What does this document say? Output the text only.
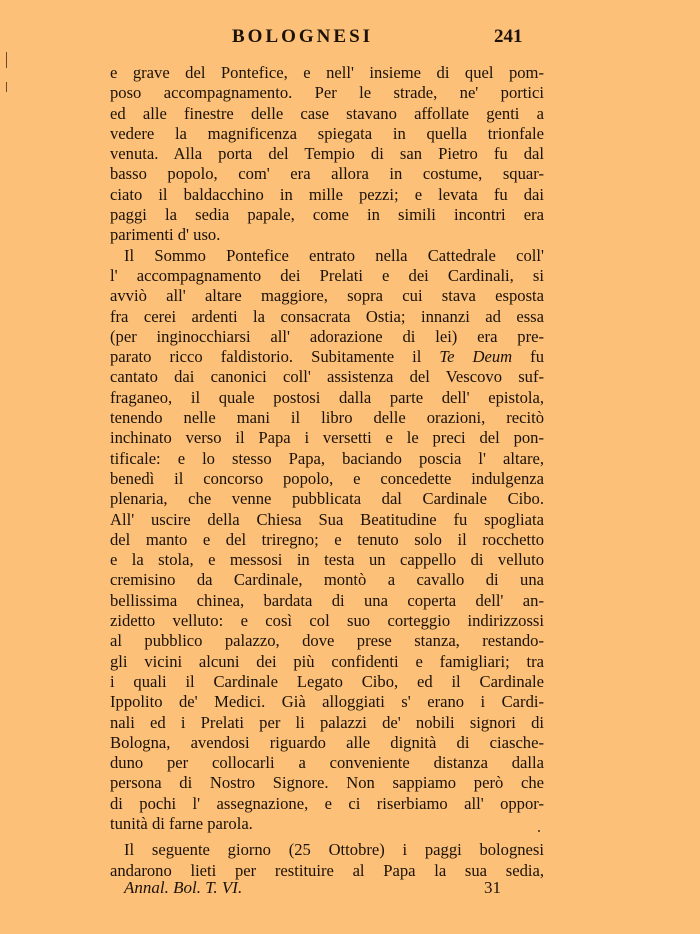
BOLOGNESI	241
e grave del Pontefice, e nell' insieme di quel pom-
poso accompagnamento. Per le strade, ne' portici
ed alle finestre delle case stavano affollate genti a
vedere la magnificenza spiegata in quella trionfale
venuta. Alla porta del Tempio di san Pietro fu dal
basso popolo, com' era allora in costume, squar-
ciato il baldacchino in mille pezzi; e levata fu dai
paggi la sedia papale, come in simili incontri era
parimenti d' uso.
Il Sommo Pontefice entrato nella Cattedrale coll'
l' accompagnamento dei Prelati e dei Cardinali, si
avviò all' altare maggiore, sopra cui stava esposta
fra cerei ardenti la consacrata Ostia; innanzi ad essa
(per inginocchiarsi all' adorazione di lei) era pre-
parato ricco faldistorio. Subitamente il Te Deum fu
cantato dai canonici coll' assistenza del Vescovo suf-
fraganeo, il quale postosi dalla parte dell' epistola,
tenendo nelle mani il libro delle orazioni, recitò
inchinato verso il Papa i versetti e le preci del pon-
tificale: e lo stesso Papa, baciando poscia l' altare,
benedì il concorso popolo, e concedette indulgenza
plenaria, che venne pubblicata dal Cardinale Cibo.
All' uscire della Chiesa Sua Beatitudine fu spogliata
del manto e del triregno; e tenuto solo il rocchetto
e la stola, e messosi in testa un cappello di velluto
cremisino da Cardinale, montò a cavallo di una
bellissima chinea, bardata di una coperta dell' an-
zidetto velluto: e così col suo corteggio indirizzossi
al pubblico palazzo, dove prese stanza, restando-
gli vicini alcuni dei più confidenti e famigliari; tra
i quali il Cardinale Legato Cibo, ed il Cardinale
Ippolito de' Medici. Già alloggiati s' erano i Cardi-
nali ed i Prelati per li palazzi de' nobili signori di
Bologna, avendosi riguardo alle dignità di ciasche-
duno per collocarli a conveniente distanza dalla
persona di Nostro Signore. Non sappiamo però che
di pochi l' assegnazione, e ci riserbiamo all' oppor-
tunità di farne parola.
Il seguente giorno (25 Ottobre) i paggi bolognesi
andarono lieti per restituire al Papa la sua sedia,
Annal. Bol. T. VI.	31
